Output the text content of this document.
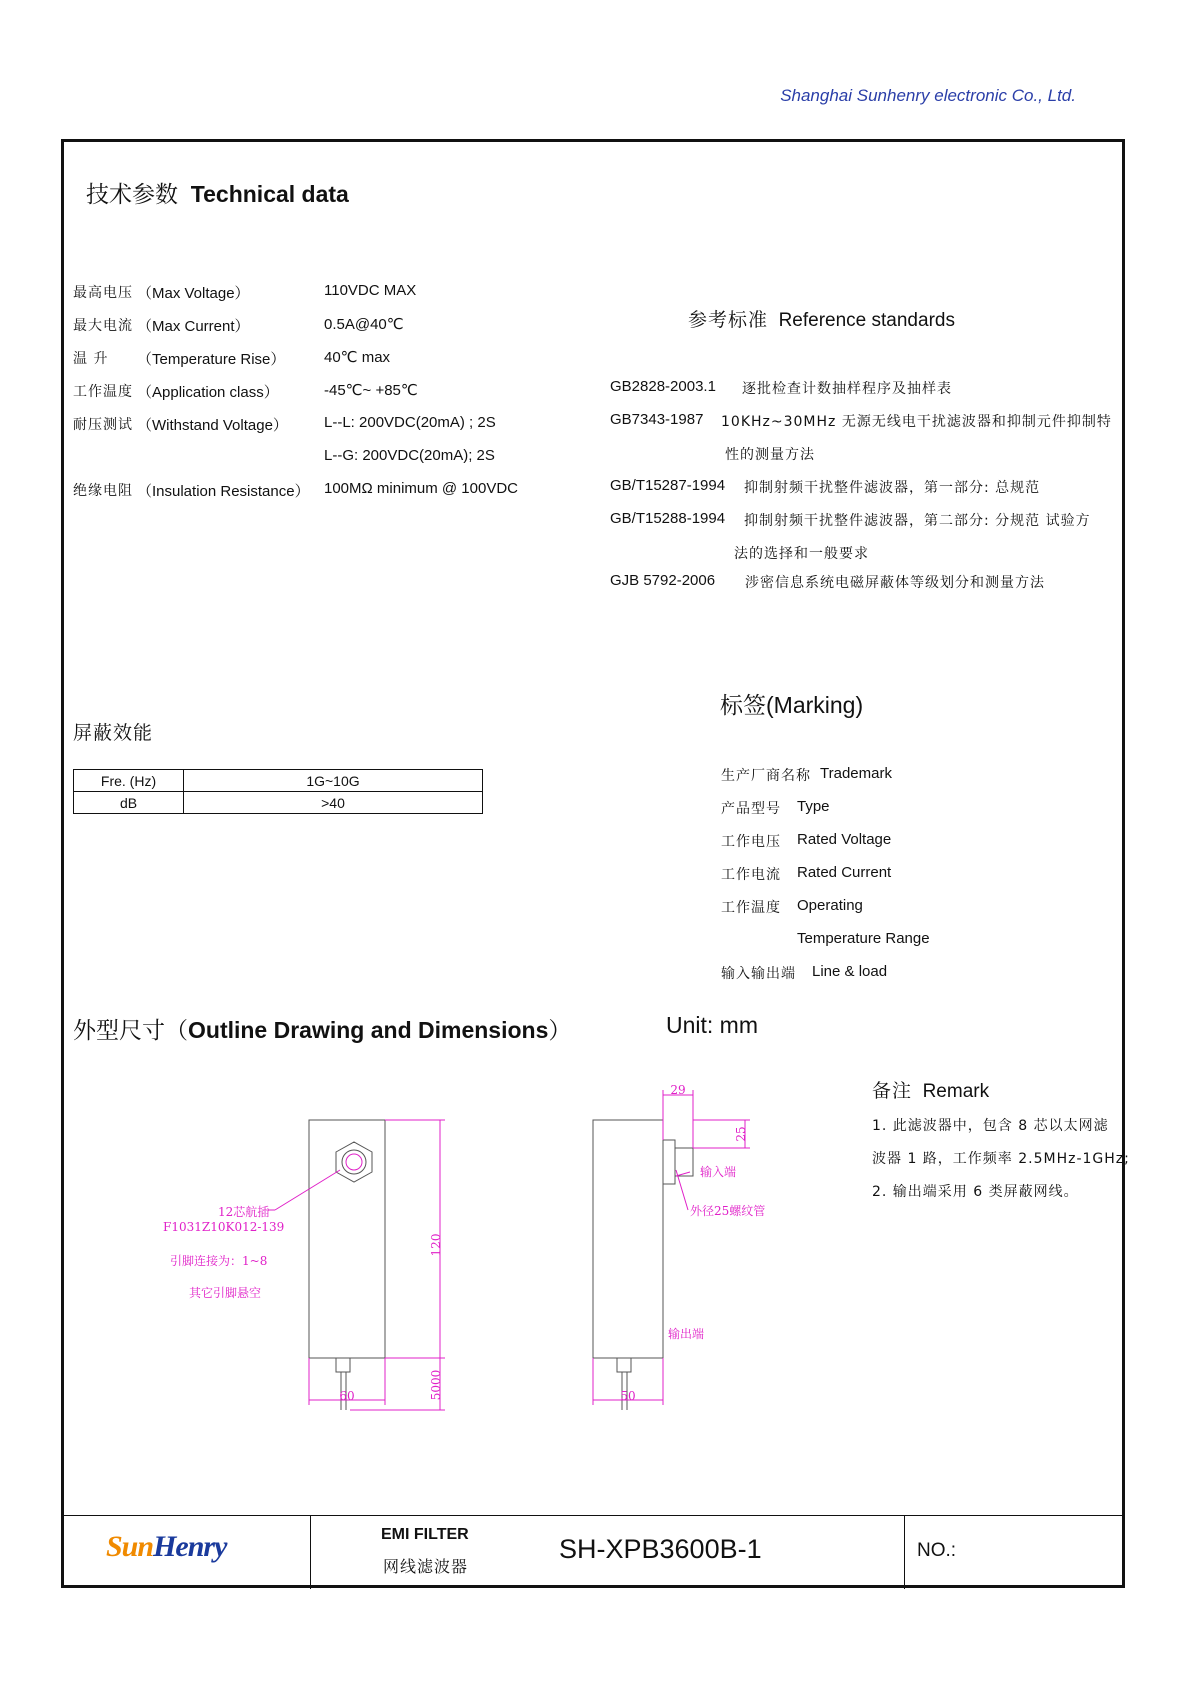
Shanghai Sunhenry electronic Co., Ltd.
技术参数 Technical data
最高电压 （Max Voltage）	110VDC MAX
最大电流 （Max Current）	0.5A@40℃
温 升 （Temperature Rise）	40℃ max
工作温度 （Application class）	-45℃~ +85℃
耐压测试 （Withstand Voltage） L--L: 200VDC(20mA) ; 2S
L--G: 200VDC(20mA); 2S
绝缘电阻 （Insulation Resistance） 100MΩ minimum @ 100VDC
参考标准 Reference standards
GB2828-2003.1 逐批检查计数抽样程序及抽样表
GB7343-1987 10KHz~30MHz 无源无线电干扰滤波器和抑制元件抑制特
性的测量方法
GB/T15287-1994 抑制射频干扰整件滤波器，第一部分: 总规范
GB/T15288-1994 抑制射频干扰整件滤波器，第二部分: 分规范 试验方
法的选择和一般要求
GJB 5792-2006 涉密信息系统电磁屏蔽体等级划分和测量方法
屏蔽效能
Fre. (Hz)	1G~10G
dB	>40
标签(Marking)
生产厂商名称 Trademark
产品型号 Type
工作电压 Rated Voltage
工作电流 Rated Current
工作温度 Operating
Temperature Range
输入输出端 Line & load
外型尺寸（Outline Drawing and Dimensions）	Unit: mm
120
5000
60	50
29
25
12芯航插
F1031Z10K012-139
引脚连接为：1~8
其它引脚悬空
输入端
外径25螺纹管
输出端
备注 Remark
1. 此滤波器中，包含 8 芯以太网滤
波器 1 路，工作频率 2.5MHz-1GHz;
2. 输出端采用 6 类屏蔽网线。
SunHenry	EMI FILTER
网线滤波器
SH-XPB3600B-1	NO.:
